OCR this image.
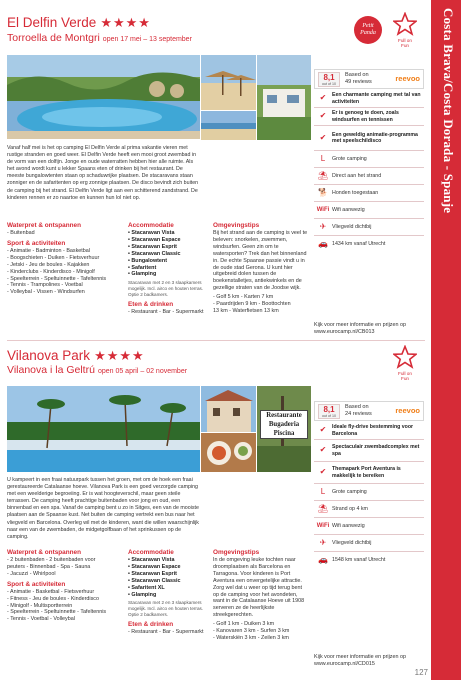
Costa Brava/Costa Dorada - Spanje
El Delfin Verde ★★★★
Torroella de Montgri open 17 mei – 13 september
Petit
Panda
Full on
Fun
Vanaf half mei is het op camping El Delfin Verde al prima vakantie vieren met rustige stranden en goed weer. El Delfin Verde heeft een mooi groot zwembad in de vorm van een dolfijn. Jonge en oude waterratten hebben hier alle ruimte. Als het avond wordt kunt u lekker Spaans eten of drinken bij het restaurant. De meeste bungalowtenten staan op schaduwrijke plaatsen. De stacaravans staan zonniger en de safaritenten op erg zonnige plaatsen. De disco bevindt zich buiten de camping bij het strand. El Delfin Verde ligt aan een schitterend zandstrand. De kinderen rennen er zo naartoe en kunnen hun lol niet op.
Waterpret & ontspannen
- Buitenbad
Sport & activiteiten
- Animatie - Badminton - Basketbal
- Boogschieten - Duiken - Fietsverhuur
- Jetski - Jeu de boules - Kajakken
- Kinderclubs - Kinderdisco - Minigolf
- Speelterrein - Speltuinnette - Tafeltennis
- Tennis - Trampolines - Voetbal
- Volleybal - Vissen - Windsurfen
Accommodatie
• Stacaravan Vista
• Stacaravan Espace
• Stacaravan Esprit
• Stacaravan Classic
• Bungalowtent
• Safaritent
• Glamping
Stacaravan met 2 en 3 slaapkamers mogelijk. Incl. airco en houten terras. Optie 2 badkamers.
Eten & drinken
- Restaurant - Bar - Supermarkt
Omgevingstips
Bij het strand aan de camping is veel te beleven: snorkelen, zwemmen, windsurfen. Geen zin om te watersporten? Trek dan het binnenland in. De echte Spaanse passie vindt u in de oude stad Gerona. U kunt hier uitgebreid dolen tussen de boekenstalletjes, antiekwinkels en de gezellige straten van de Joodse wijk.
- Golf 5 km - Karten 7 km
- Paardrijden 9 km - Boottochten
13 km - Waterfietsen 13 km
8,1
out of 10
Based on
49 reviews	reevoo
✔	Een charmante camping met tal van activiteiten
✔	Er is genoeg te doen, zoals windsurfen en tennissen
✔	Een geweldig animatie-programma met speelschildisco
L	Grote camping
⛱ Direct aan het strand
🐕 Honden toegestaan
WiFi Wifi aanwezig
✈	Vliegveld dichtbij
🚗 1434 km vanaf Utrecht
Kijk voor meer informatie en prijzen op
www.eurocamp.nl/CB013
Vilanova Park ★★★★
Vilanova i la Geltrú open 05 april – 02 november	Full on
Fun
Restaurante
Bugaderia
Piscina
U kampeert in een fraai natuurpark tussen het groen, met om de hoek een fraai gerestaureerde Catalaanse hoeve. Vilanova Park is een goed verzorgde camping met een weelderige begroeiing. Er is wat hoogteverschil, maar geen steile terrassen. De camping heeft prachtige buitenbaden voor jong en oud, een binnenbad en een spa. Vanaf de camping bent u zo in Sitges, een van de mooiste plaatsen aan de Spaanse kust. Net buiten de camping vertrekt een bus naar het vliegveld en Barcelona. Overleg wil met de kinderen, want die willen waarschijnlijk naar een van de zwembaden, de midgetgolfbaan of het sprinkussen op de camping.
Waterpret & ontspannen
- 2 buitenbaden - 2 buitenbaden voor
peuters - Binnenbad - Spa - Sauna
- Jacuzzi - Whirlpool
Sport & activiteiten
- Animatie - Basketbal - Fietsverhuur
- Fitness - Jeu de boules - Kinderdisco
- Minigolf - Multisportterrein
- Speelterrein - Speltuinnette - Tafeltennis
- Tennis - Voetbal - Volleybal
Accommodatie
• Stacaravan Vista
• Stacaravan Espace
• Stacaravan Esprit
• Stacaravan Classic
• Safaritent XL
• Glamping
Stacaravan met 2 en 3 slaapkamers mogelijk. Incl. airco en houten terras. Optie 2 badkamers.
Eten & drinken
- Restaurant - Bar - Supermarkt
Omgevingstips
In de omgeving leuke tochten naar droomplaatsen als Barcelona en Tarragona. Voor kinderen is Port Aventura een onvergetelijke attractie. Zorg wel dat u weer op tijd terug bent op de camping voor het avondeten, want in de Catalaanse Hoeve uit 1908 serveren ze de heerlijkste streekgerechten.
- Golf 1 km - Duiken 3 km
- Kanovaren 3 km - Surfen 3 km
- Waterskiën 3 km - Zeilen 3 km
8,1
out of 10
Based on
24 reviews	reevoo
✔	Ideale fly-drive bestemming voor Barcelona
✔	Spectaculair zwembadcomplex met spa
✔	Themapark Port Aventura is makkelijk te bereiken
L	Grote camping
⛱ Strand op 4 km
WiFi Wifi aanwezig
✈	Vliegveld dichtbij
🚗 1548 km vanaf Utrecht
Kijk voor meer informatie en prijzen op
www.eurocamp.nl/CD015
127
